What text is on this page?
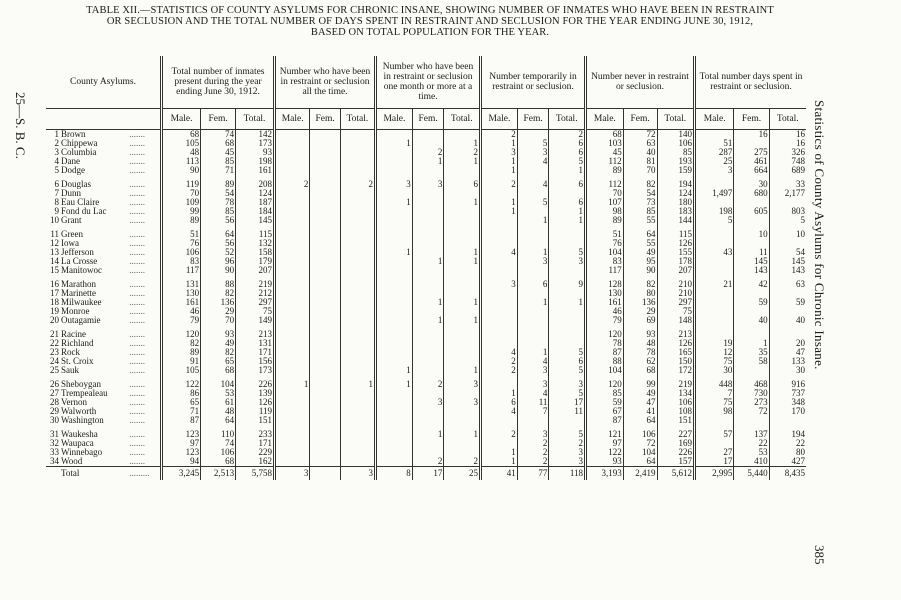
TABLE XII.—STATISTICS OF COUNTY ASYLUMS FOR CHRONIC INSANE, SHOWING NUMBER OF INMATES WHO HAVE BEEN IN RESTRAINT
OR SECLUSION AND THE TOTAL NUMBER OF DAYS SPENT IN RESTRAINT AND SECLUSION FOR THE YEAR ENDING JUNE 30, 1912,
BASED ON TOTAL POPULATION FOR THE YEAR.
25—S. B. C.	Statistics of County Asylums for Chronic Insane.
385
County Asylums.			Total number of inmates present during the year ending June 30, 1912.			Number who have been in restraint or seclusion all the time.			Number who have been in restraint or seclusion one month or more at a time.			Number temporarily in restraint or seclusion.			Number never in restraint or seclusion.			Total number days spent in restraint or seclusion.		
			Male.	Fem.	Total.	Male.	Fem.	Total.	Male.	Fem.	Total.	Male.	Fem.	Total.	Male.	Fem.	Total.	Male.	Fem.	Total.
1	Brown	.......	68	74	142							2		2	68	72	140		16	16
2	Chippewa	.......	105	68	173				1		1	1	5	6	103	63	106	51		16
3	Columbia	.......	48	45	93					2	2	3	3	6	45	40	85	287	275	326
4	Dane	.......	113	85	198					1	1	1	4	5	112	81	193	25	461	748
5	Dodge	.......	90	71	161							1		1	89	70	159	3	664	689

6	Douglas	.......	119	89	208	2		2	3	3	6	2	4	6	112	82	194		30	33
7	Dunn	.......	70	54	124										70	54	124	1,497	680	2,177
8	Eau Claire	.......	109	78	187				1		1	1	5	6	107	73	180			
9	Fond du Lac	.......	99	85	184							1		1	98	85	183	198	605	803
10	Grant	.......	89	56	145								1	1	89	55	144	5		5

11	Green	.......	51	64	115										51	64	115		10	10
12	Iowa	.......	76	56	132										76	55	126			
13	Jefferson	.......	106	52	158				1		1	4	1	5	104	49	155	43	11	54
14	La Crosse	.......	83	96	179					1	1		3	3	83	95	178		145	145
15	Manitowoc	.......	117	90	207										117	90	207		143	143

16	Marathon	.......	131	88	219							3	6	9	128	82	210	21	42	63
17	Marinette	.......	130	82	212										130	80	210			
18	Milwaukee	.......	161	136	297					1	1		1	1	161	136	297		59	59
19	Monroe	.......	46	29	75										46	29	75			
20	Outagamie	.......	79	70	149					1	1				79	69	148		40	40

21	Racine	.......	120	93	213										120	93	213			
22	Richland	.......	82	49	131										78	48	126	19	1	20
23	Rock	.......	89	82	171							4	1	5	87	78	165	12	35	47
24	St. Croix	.......	91	65	156							2	4	6	88	62	150	75	58	133
25	Sauk	.......	105	68	173				1		1	2	3	5	104	68	172	30		30

26	Sheboygan	.......	122	104	226	1		1	1	2	3		3	3	120	99	219	448	468	916
27	Trempealeau	.......	86	53	139							1	4	5	85	49	134	7	730	737
28	Vernon	.......	65	61	126					3	3	6	11	17	59	47	106	75	273	348
29	Walworth	.......	71	48	119							4	7	11	67	41	108	98	72	170
30	Washington	.......	87	64	151										87	64	151			

31	Waukesha	.......	123	110	233					1	1	2	3	5	121	106	227	57	137	194
32	Waupaca	.......	97	74	171								2	2	97	72	169		22	22
33	Winnebago	.......	123	106	229							1	2	3	122	104	226	27	53	80
34	Wood	.......	94	68	162					2	2	1	2	3	93	64	157	17	410	427
	Total	.........	3,245	2,513	5,758	3		3	8	17	25	41	77	118	3,193	2,419	5,612	2,995	5,440	8,435
